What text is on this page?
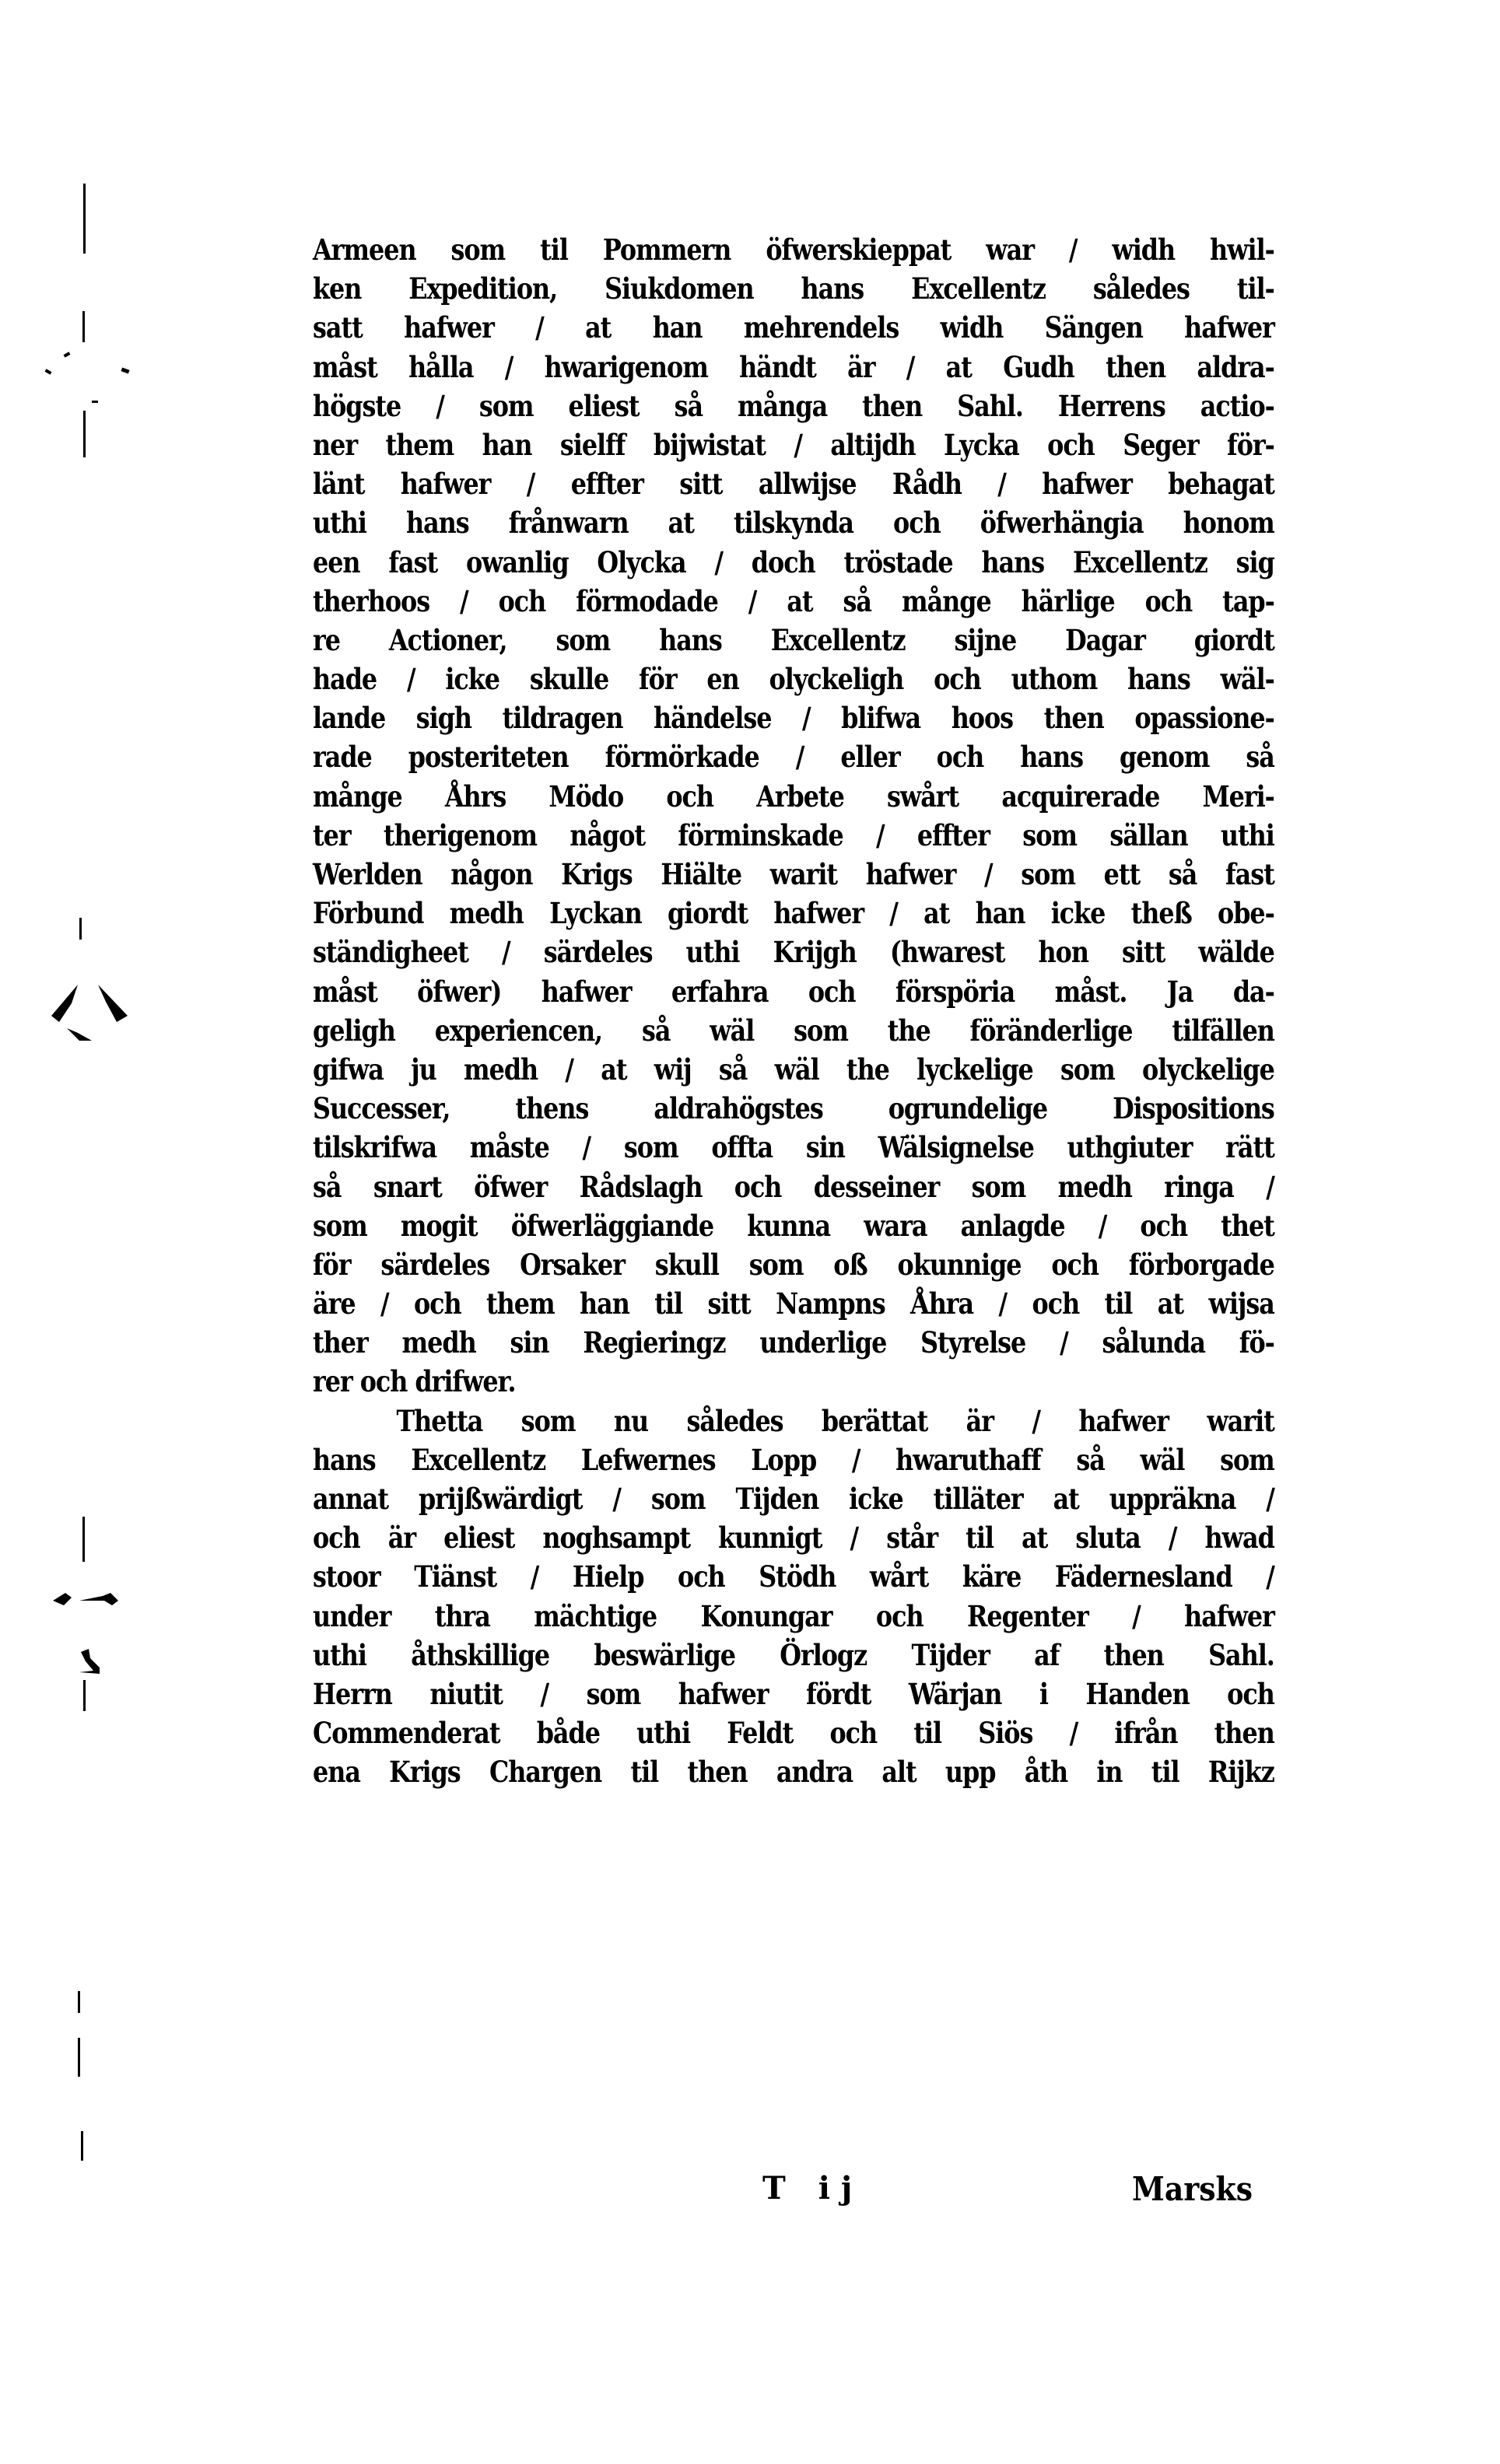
Armeen som til Pommern öfwerskieppat war / widh hwil-
ken Expedition, Siukdomen hans Excellentz således til-
satt hafwer / at han mehrendels widh Sängen hafwer
måst hålla / hwarigenom händt är / at Gudh then aldra-
högste / som eliest så många then Sahl. Herrens actio-
ner them han sielff bijwistat / altijdh Lycka och Seger för-
länt hafwer / effter sitt allwijse Rådh / hafwer behagat
uthi hans frånwarn at tilskynda och öfwerhängia honom
een fast owanlig Olycka / doch tröstade hans Excellentz sig
therhoos / och förmodade / at så månge härlige och tap-
re Actioner, som hans Excellentz sijne Dagar giordt
hade / icke skulle för en olyckeligh och uthom hans wäl-
lande sigh tildragen händelse / blifwa hoos then opassione-
rade posteriteten förmörkade / eller och hans genom så
månge Åhrs Mödo och Arbete swårt acquirerade Meri-
ter therigenom något förminskade / effter som sällan uthi
Werlden någon Krigs Hiälte warit hafwer / som ett så fast
Förbund medh Lyckan giordt hafwer / at han icke theß obe-
ständigheet / särdeles uthi Krijgh (hwarest hon sitt wälde
måst öfwer) hafwer erfahra och förspöria måst. Ja da-
geligh experiencen, så wäl som the föränderlige tilfällen
gifwa ju medh / at wij så wäl the lyckelige som olyckelige
Successer, thens aldrahögstes ogrundelige Dispositions
tilskrifwa måste / som offta sin Wälsignelse uthgiuter rätt
så snart öfwer Rådslagh och desseiner som medh ringa /
som mogit öfwerläggiande kunna wara anlagde / och thet
för särdeles Orsaker skull som oß okunnige och förborgade
äre / och them han til sitt Nampns Åhra / och til at wijsa
ther medh sin Regieringz underlige Styrelse / sålunda fö-
rer och drifwer.
Thetta som nu således berättat är / hafwer warit
hans Excellentz Lefwernes Lopp / hwaruthaff så wäl som
annat prijßwärdigt / som Tijden icke tilläter at uppräkna /
och är eliest noghsampt kunnigt / står til at sluta / hwad
stoor Tiänst / Hielp och Stödh wårt käre Fädernesland /
under thra mächtige Konungar och Regenter / hafwer
uthi åthskillige beswärlige Örlogz Tijder af then Sahl.
Herrn niutit / som hafwer fördt Wärjan i Handen och
Commenderat både uthi Feldt och til Siös / ifrån then
ena Krigs Chargen til then andra alt upp åth in til Rijkz
T ij	Marsks
